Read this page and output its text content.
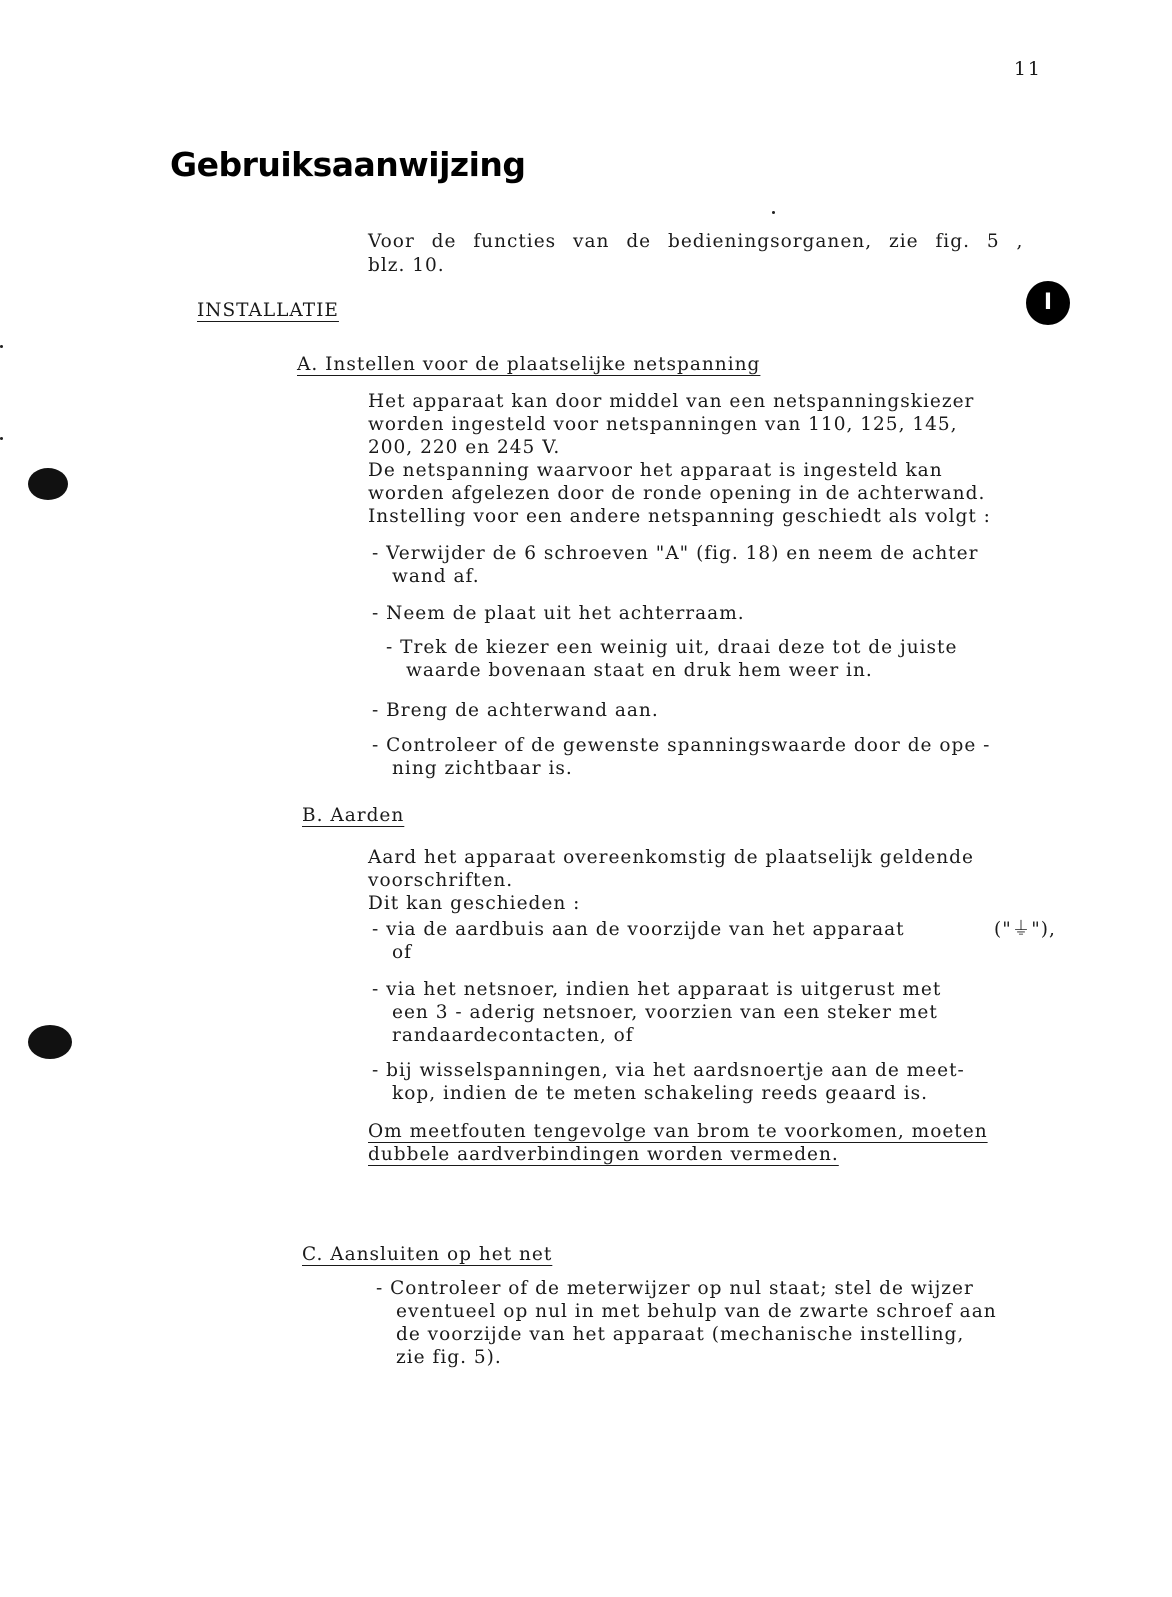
11
Gebruiksaanwijzing
Voor de functies van de bedieningsorganen, zie fig. 5 ,
blz. 10.
INSTALLATIE	I
A. Instellen voor de plaatselijke netspanning
Het apparaat kan door middel van een netspanningskiezer
worden ingesteld voor netspanningen van 110, 125, 145,
200, 220 en 245 V.
De netspanning waarvoor het apparaat is ingesteld kan
worden afgelezen door de ronde opening in de achterwand.
Instelling voor een andere netspanning geschiedt als volgt :
- Verwijder de 6 schroeven "A" (fig. 18) en neem de achter
wand af.
- Neem de plaat uit het achterraam.
- Trek de kiezer een weinig uit, draai deze tot de juiste
waarde bovenaan staat en druk hem weer in.
- Breng de achterwand aan.
- Controleer of de gewenste spanningswaarde door de ope -
ning zichtbaar is.
B. Aarden
Aard het apparaat overeenkomstig de plaatselijk geldende
voorschriften.
Dit kan geschieden :
- via de aardbuis aan de voorzijde van het apparaat	("⏚"),
of
- via het netsnoer, indien het apparaat is uitgerust met
een 3 - aderig netsnoer, voorzien van een steker met
randaardecontacten, of
- bij wisselspanningen, via het aardsnoertje aan de meet-
kop, indien de te meten schakeling reeds geaard is.
Om meetfouten tengevolge van brom te voorkomen, moeten
dubbele aardverbindingen worden vermeden.
C. Aansluiten op het net
- Controleer of de meterwijzer op nul staat; stel de wijzer
eventueel op nul in met behulp van de zwarte schroef aan
de voorzijde van het apparaat (mechanische instelling,
zie fig. 5).
